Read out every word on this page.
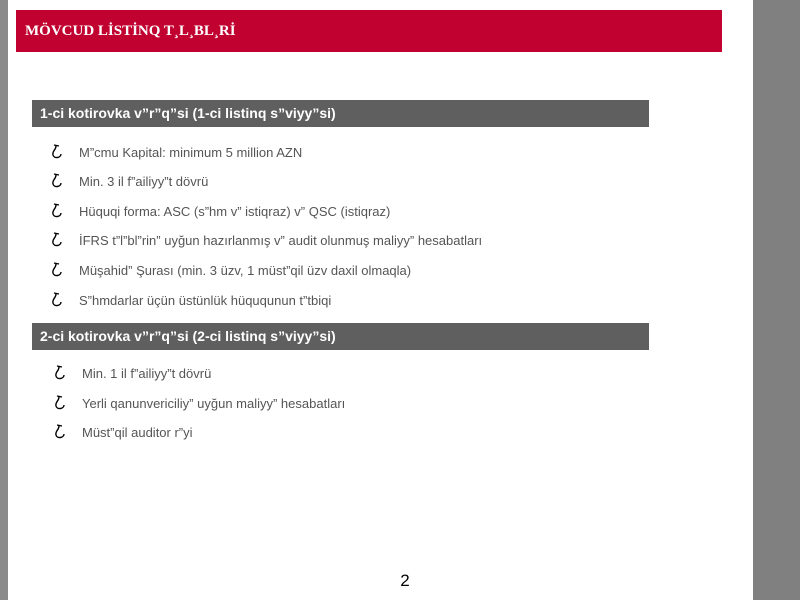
MÖVCUD LİSTİNQ T¸L¸BL¸Rİ
1-ci kotirovka v”r”q”si (1-ci listinq s”viyy”si)
M”cmu Kapital: minimum 5 million AZN
Min. 3 il f”ailiyy”t dövrü
Hüquqi forma: ASC (s”hm v” istiqraz) v” QSC (istiqraz)
İFRS t”l”bl”rin” uyğun hazırlanmış v” audit olunmuş maliyy” hesabatları
Müşahid” Şurası (min. 3 üzv, 1 müst”qil üzv daxil olmaqla)
S”hmdarlar üçün üstünlük hüququnun t”tbiqi
2-ci kotirovka v”r”q”si (2-ci listinq s”viyy”si)
Min. 1 il f”ailiyy”t dövrü
Yerli qanunvericiliy” uyğun maliyy” hesabatları
Müst”qil auditor r”yi
2
